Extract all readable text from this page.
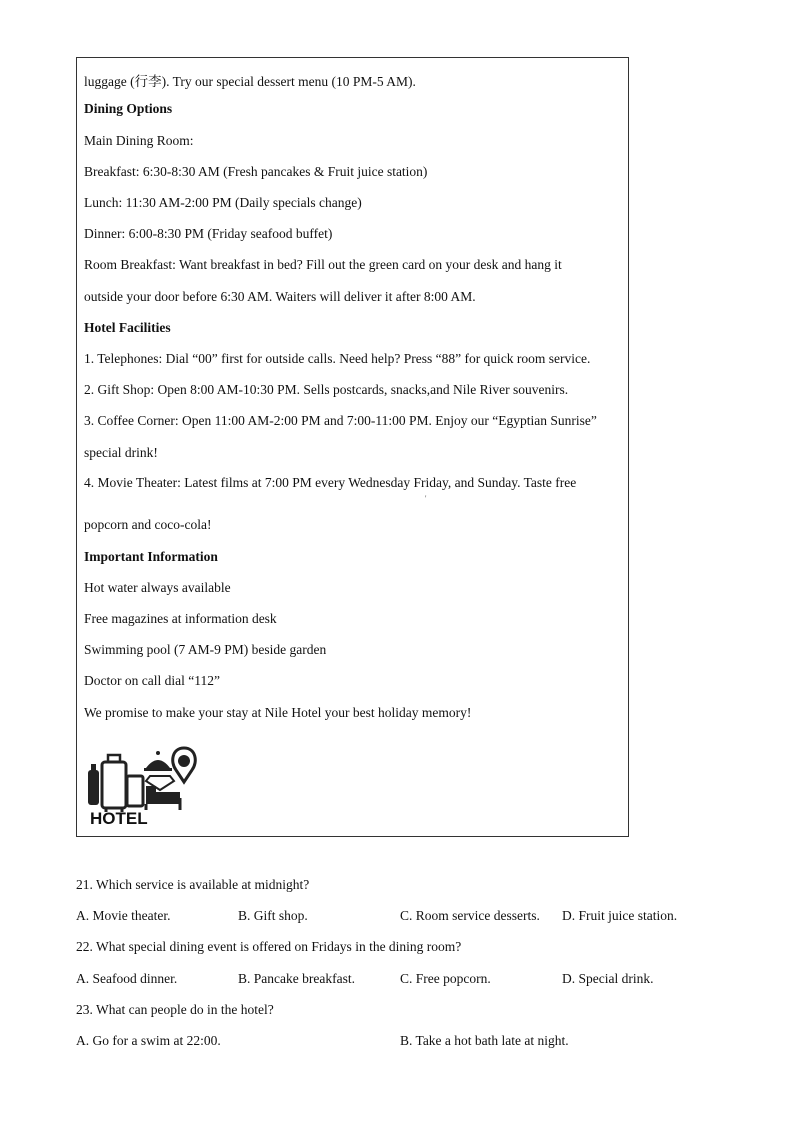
luggage (行李). Try our special dessert menu (10 PM-5 AM).
Dining Options
Main Dining Room:
Breakfast: 6:30-8:30 AM (Fresh pancakes & Fruit juice station)
Lunch: 11:30 AM-2:00 PM (Daily specials change)
Dinner: 6:00-8:30 PM (Friday seafood buffet)
Room Breakfast: Want breakfast in bed? Fill out the green card on your desk and hang it
outside your door before 6:30 AM. Waiters will deliver it after 8:00 AM.
Hotel Facilities
1. Telephones: Dial “00” first for outside calls. Need help? Press “88” for quick room service.
2. Gift Shop: Open 8:00 AM-10:30 PM. Sells postcards, snacks,and Nile River souvenirs.
3. Coffee Corner: Open 11:00 AM-2:00 PM and 7:00-11:00 PM. Enjoy our “Egyptian Sunrise”
special drink!
4. Movie Theater: Latest films at 7:00 PM every Wednesday Friday, and Sunday. Taste free
'
popcorn and coco-cola!
Important Information
Hot water always available
Free magazines at information desk
Swimming pool (7 AM-9 PM) beside garden
Doctor on call dial “112”
We promise to make your stay at Nile Hotel your best holiday memory!
HOTEL
21. Which service is available at midnight?
A. Movie theater.	B. Gift shop.	C. Room service desserts. D. Fruit juice station.
22. What special dining event is offered on Fridays in the dining room?
A. Seafood dinner.	B. Pancake breakfast.	C. Free popcorn.	D. Special drink.
23. What can people do in the hotel?
A. Go for a swim at 22:00.	B. Take a hot bath late at night.
